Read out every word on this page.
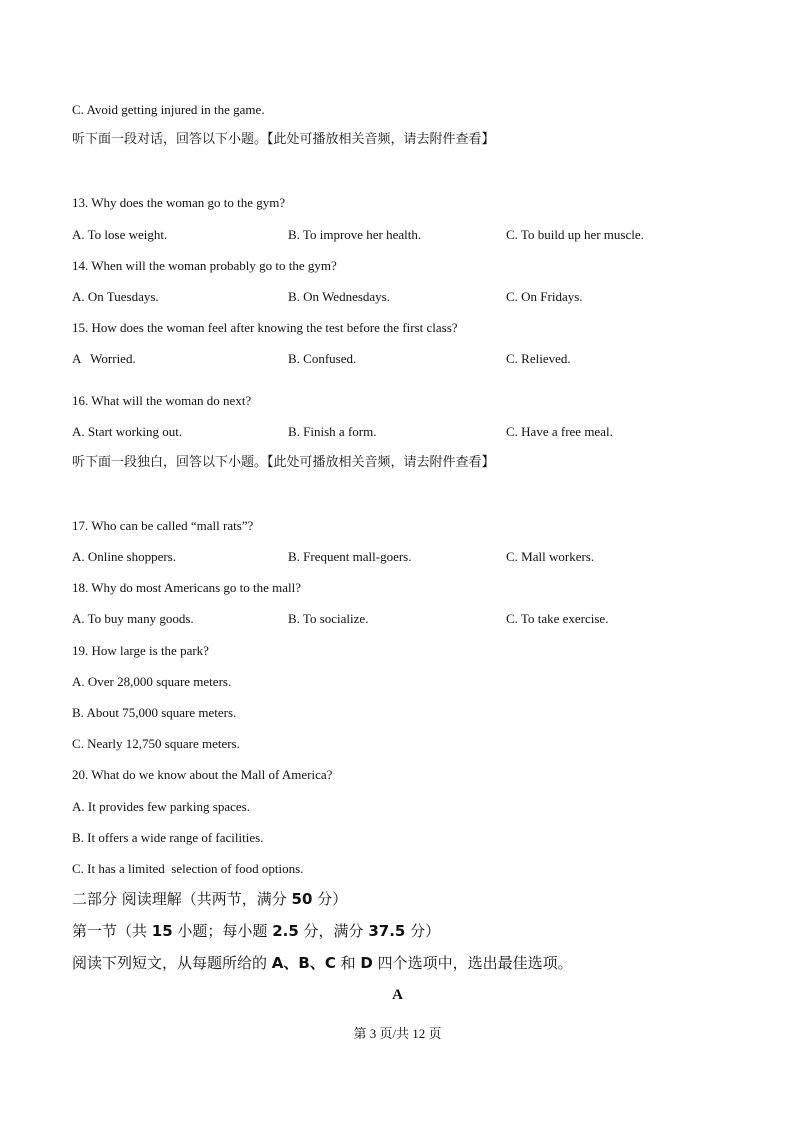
C. Avoid getting injured in the game.
听下面一段对话，回答以下小题。【此处可播放相关音频，请去附件查看】
13. Why does the woman go to the gym?
A. To lose weight.	B. To improve her health.	C. To build up her muscle.
14. When will the woman probably go to the gym?
A. On Tuesdays.	B. On Wednesdays.	C. On Fridays.
15. How does the woman feel after knowing the test before the first class?
A   Worried.	B. Confused.	C. Relieved.
16. What will the woman do next?
A. Start working out.	B. Finish a form.	C. Have a free meal.
听下面一段独白，回答以下小题。【此处可播放相关音频，请去附件查看】
17. Who can be called “mall rats”?
A. Online shoppers.	B. Frequent mall-goers.	C. Mall workers.
18. Why do most Americans go to the mall?
A. To buy many goods.	B. To socialize.	C. To take exercise.
19. How large is the park?
A. Over 28,000 square meters.
B. About 75,000 square meters.
C. Nearly 12,750 square meters.
20. What do we know about the Mall of America?
A. It provides few parking spaces.
B. It offers a wide range of facilities.
C. It has a limited  selection of food options.
二部分 阅读理解（共两节，满分 50 分）
第一节（共 15 小题；每小题 2.5 分，满分 37.5 分）
阅读下列短文，从每题所给的 A、B、C 和 D 四个选项中，选出最佳选项。
A
第 3 页/共 12 页
